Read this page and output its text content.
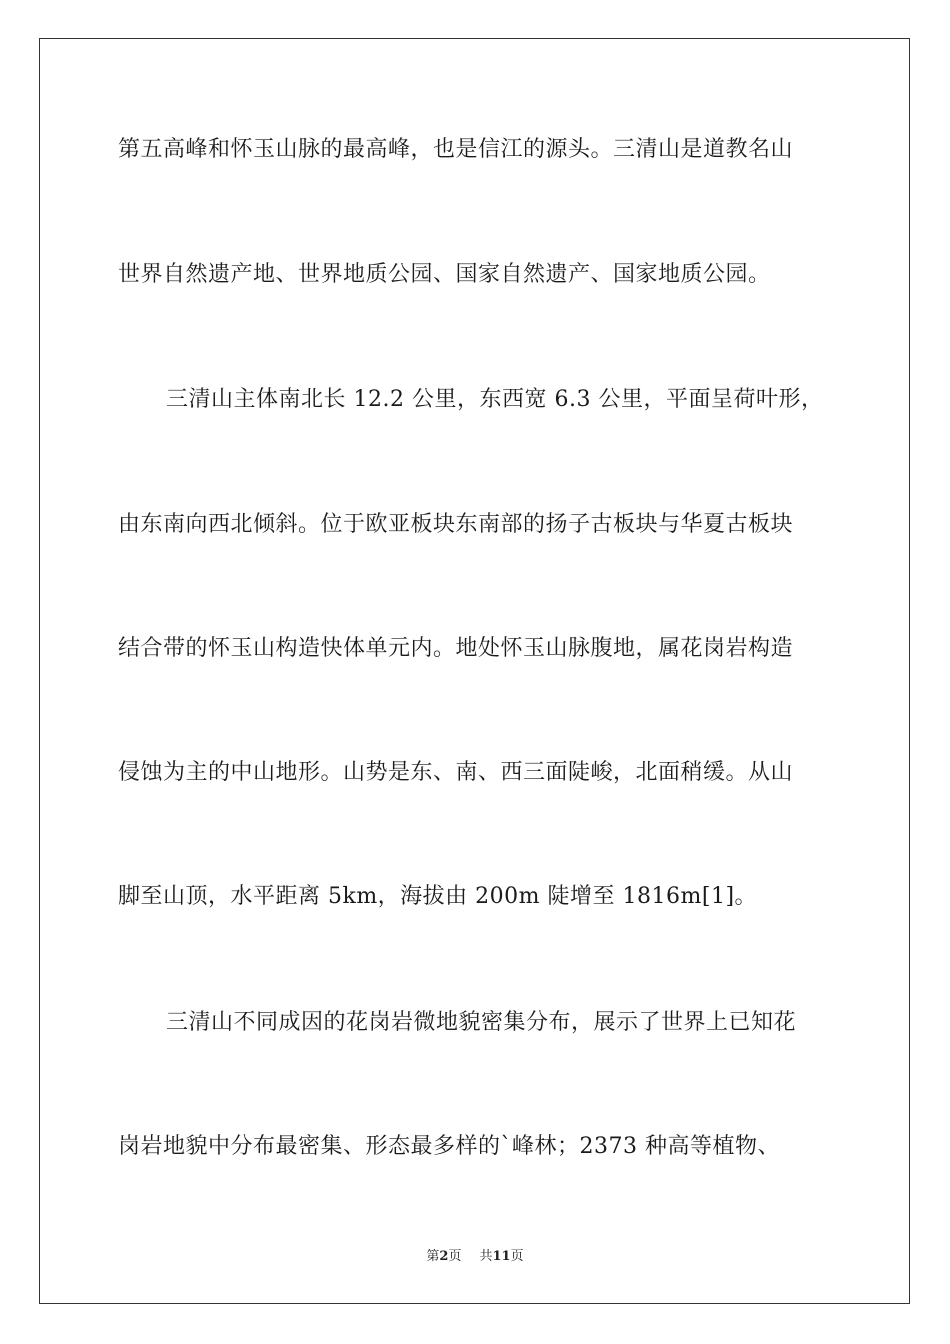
第五高峰和怀玉山脉的最高峰，也是信江的源头。三清山是道教名山
世界自然遗产地、世界地质公园、国家自然遗产、国家地质公园。
三清山主体南北长 12.2 公里，东西宽 6.3 公里，平面呈荷叶形，
由东南向西北倾斜。位于欧亚板块东南部的扬子古板块与华夏古板块
结合带的怀玉山构造快体单元内。地处怀玉山脉腹地，属花岗岩构造
侵蚀为主的中山地形。山势是东、南、西三面陡峻，北面稍缓。从山
脚至山顶，水平距离 5km，海拔由 200m 陡增至 1816m[1]。
三清山不同成因的花岗岩微地貌密集分布，展示了世界上已知花
岗岩地貌中分布最密集、形态最多样的`峰林；2373 种高等植物、
第2页 共11页
